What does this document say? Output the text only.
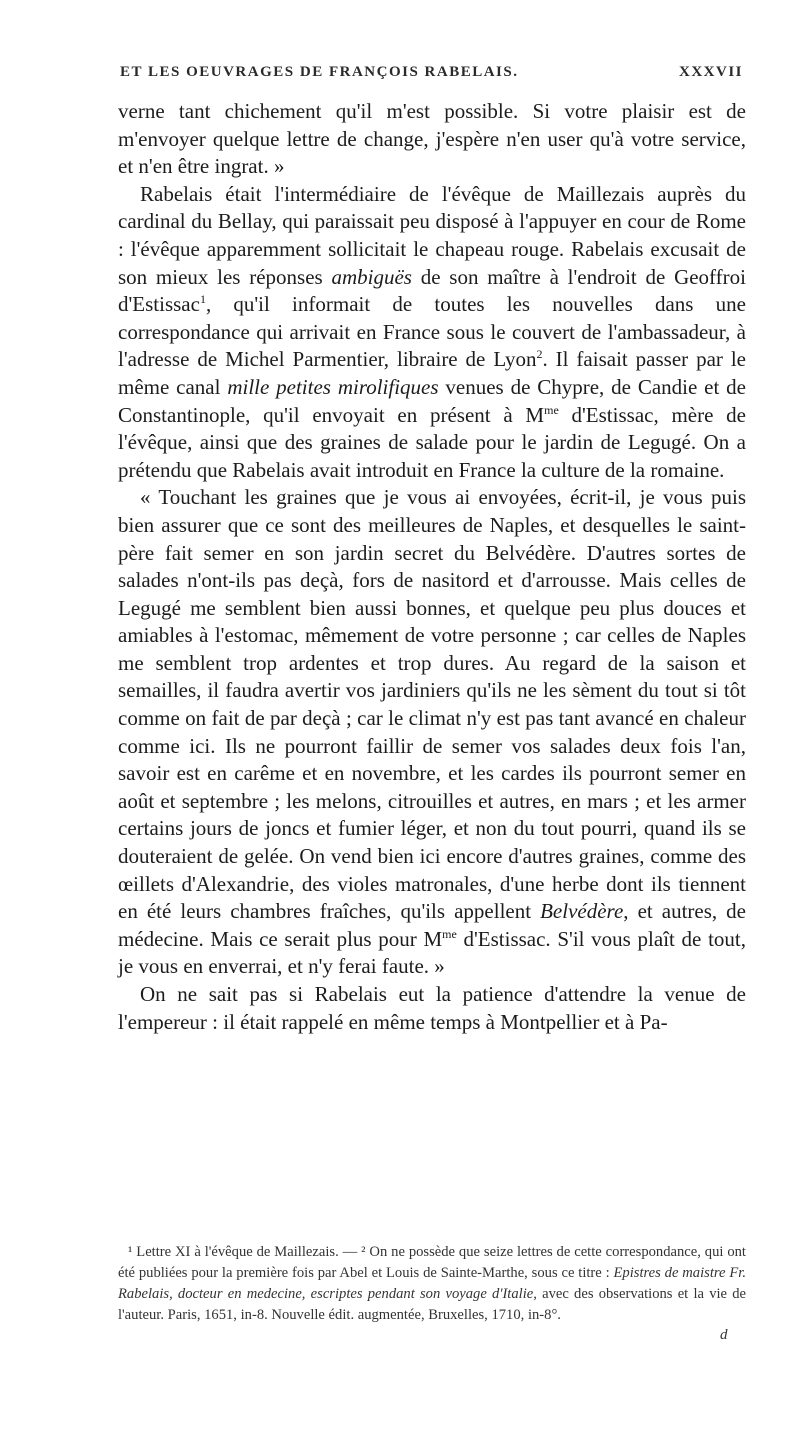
ET LES OEUVRAGES DE FRANÇOIS RABELAIS.	XXXVII

verne tant chichement qu'il m'est possible. Si votre plaisir est de m'envoyer quelque lettre de change, j'espère n'en user qu'à votre service, et n'en être ingrat. »

Rabelais était l'intermédiaire de l'évêque de Maillezais auprès du cardinal du Bellay, qui paraissait peu disposé à l'appuyer en cour de Rome : l'évêque apparemment sollicitait le chapeau rouge. Rabelais excusait de son mieux les réponses ambiguës de son maître à l'endroit de Geoffroi d'Estissac$^1$, qu'il informait de toutes les nouvelles dans une correspondance qui arrivait en France sous le couvert de l'ambassadeur, à l'adresse de Michel Parmentier, libraire de Lyon$^2$. Il faisait passer par le même canal mille petites mirolifiques venues de Chypre, de Candie et de Constantinople, qu'il envoyait en présent à $M^{me}$ d'Estissac, mère de l'évêque, ainsi que des graines de salade pour le jardin de Legugé. On a prétendu que Rabelais avait introduit en France la culture de la romaine.

« Touchant les graines que je vous ai envoyées, écrit-il, je vous puis bien assurer que ce sont des meilleures de Naples, et desquelles le saint-père fait semer en son jardin secret du Belvédère. D'autres sortes de salades n'ont-ils pas deçà, fors de nasitord et d'arrousse. Mais celles de Legugé me semblent bien aussi bonnes, et quelque peu plus douces et amiables à l'estomac, mêmement de votre personne ; car celles de Naples me semblent trop ardentes et trop dures. Au regard de la saison et semailles, il faudra avertir vos jardiniers qu'ils ne les sèment du tout si tôt comme on fait de par deçà ; car le climat n'y est pas tant avancé en chaleur comme ici. Ils ne pourront faillir de semer vos salades deux fois l'an, savoir est en carême et en novembre, et les cardes ils pourront semer en août et septembre ; les melons, citrouilles et autres, en mars ; et les armer certains jours de joncs et fumier léger, et non du tout pourri, quand ils se douteraient de gelée. On vend bien ici encore d'autres graines, comme des œillets d'Alexandrie, des violes matronales, d'une herbe dont ils tiennent en été leurs chambres fraîches, qu'ils appellent Belvédère, et autres, de médecine. Mais ce serait plus pour $M^{me}$ d'Estissac. S'il vous plaît de tout, je vous en enverrai, et n'y ferai faute. »

On ne sait pas si Rabelais eut la patience d'attendre la venue de l'empereur : il était rappelé en même temps à Montpellier et à Pa-

¹ Lettre XI à l'évêque de Maillezais. — ² On ne possède que seize lettres de cette correspondance, qui ont été publiées pour la première fois par Abel et Louis de Sainte-Marthe, sous ce titre : Epistres de maistre Fr. Rabelais, docteur en medecine, escriptes pendant son voyage d'Italie, avec des observations et la vie de l'auteur. Paris, 1651, in-8. Nouvelle édit. augmentée, Bruxelles, 1710, in-8°.

d
